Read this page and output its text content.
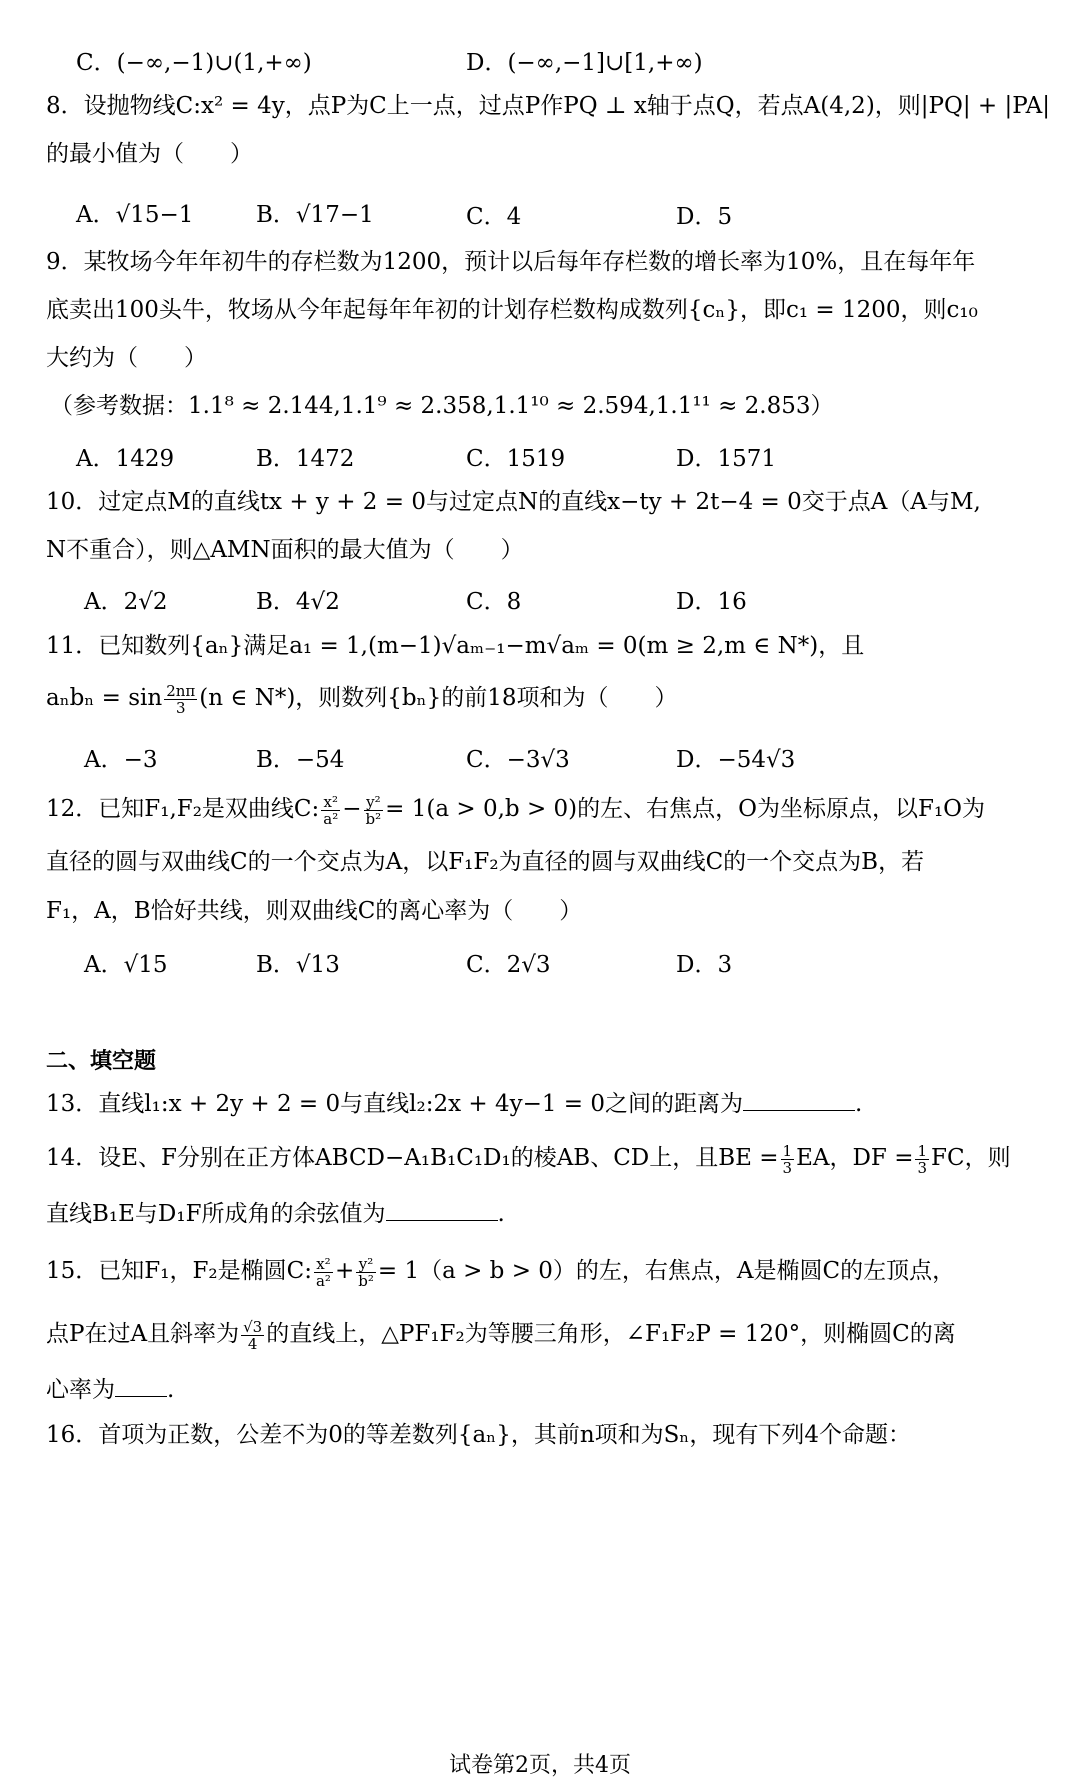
C．(−∞,−1)∪(1,+∞)	D．(−∞,−1]∪[1,+∞)
8．设抛物线C:x² = 4y，点P为C上一点，过点P作PQ ⊥ x轴于点Q，若点A(4,2)，则|PQ| + |PA|
的最小值为（　　）
A．√15−1	B．√17−1	C．4	D．5
9．某牧场今年年初牛的存栏数为1200，预计以后每年存栏数的增长率为10%，且在每年年
底卖出100头牛，牧场从今年起每年年初的计划存栏数构成数列{cₙ}，即c₁ = 1200，则c₁₀
大约为（　　）
（参考数据：1.1⁸ ≈ 2.144,1.1⁹ ≈ 2.358,1.1¹⁰ ≈ 2.594,1.1¹¹ ≈ 2.853）
A．1429	B．1472	C．1519	D．1571
10．过定点M的直线tx + y + 2 = 0与过定点N的直线x−ty + 2t−4 = 0交于点A（A与M,
N不重合），则△AMN面积的最大值为（　　）
A．2√2	B．4√2	C．8	D．16
11．已知数列{aₙ}满足a₁ = 1,(m−1)√aₘ₋₁−m√aₘ = 0(m ≥ 2,m ∈ N*)，且
$a_nb_n = \sin \frac{2n\pi}{3} (n$ ∈ N*)，则数列{bₙ}的前18项和为（　　）
A．−3	B．−54	C．−3√3	D．−54√3
12．已知F₁,F₂是双曲线C: $\frac{\text{x²}}{\text{a²}} - \frac{\text{y²}}{\text{b²}} = 1(a > 0,b > 0)$的左、右焦点，O为坐标原点，以F₁O为
直径的圆与双曲线C的一个交点为A，以F₁F₂为直径的圆与双曲线C的一个交点为B，若
F₁，A，B恰好共线，则双曲线C的离心率为（　　）
A．√15	B．√13	C．2√3	D．3
二、填空题
13．直线l₁:x + 2y + 2 = 0与直线l₂:2x + 4y−1 = 0之间的距离为	.
14．设E、F分别在正方体ABCD−A₁B₁C₁D₁的棱AB、CD上，且BE = $\frac{1}{3}$ EA，DF = $\frac{1}{3}$ FC，则
直线B₁E与D₁F所成角的余弦值为	.
15．已知F₁，F₂是椭圆C: $\frac{\text{x²}}{\text{a²}} + \frac{\text{y²}}{\text{b²}} = 1(a > b > 0)$的左，右焦点，A是椭圆C的左顶点，
点P在过A且斜率为 $\frac{√3}{4}$ 的直线上，△PF₁F₂为等腰三角形，∠F₁F₂P = 120°，则椭圆C的离
心率为 .
16．首项为正数，公差不为0的等差数列{aₙ}，其前n项和为Sₙ，现有下列4个命题：
试卷第2页，共4页
